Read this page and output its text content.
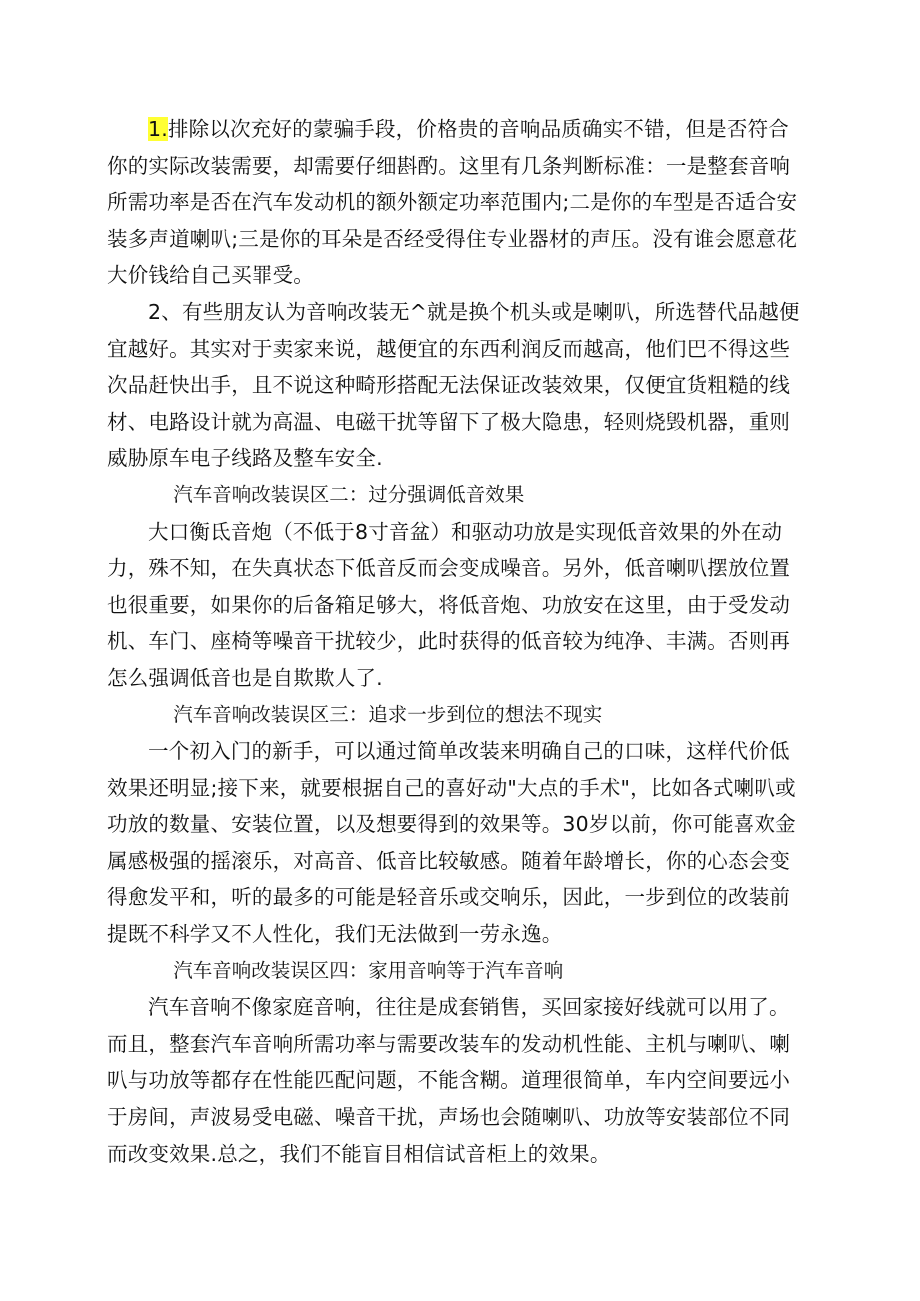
1.排除以次充好的蒙骗手段，价格贵的音响品质确实不错，但是否符合你的实际改装需要，却需要仔细斟酌。这里有几条判断标准：一是整套音响所需功率是否在汽车发动机的额外额定功率范围内;二是你的车型是否适合安装多声道喇叭;三是你的耳朵是否经受得住专业器材的声压。没有谁会愿意花大价钱给自己买罪受。

2、有些朋友认为音响改装无^就是换个机头或是喇叭，所选替代品越便宜越好。其实对于卖家来说，越便宜的东西利润反而越高，他们巴不得这些次品赶快出手，且不说这种畸形搭配无法保证改装效果，仅便宜货粗糙的线材、电路设计就为高温、电磁干扰等留下了极大隐患，轻则烧毁机器，重则威胁原车电子线路及整车安全.

汽车音响改装误区二：过分强调低音效果

大口衡氐音炮（不低于8寸音盆）和驱动功放是实现低音效果的外在动力，殊不知，在失真状态下低音反而会变成噪音。另外，低音喇叭摆放位置也很重要，如果你的后备箱足够大，将低音炮、功放安在这里，由于受发动机、车门、座椅等噪音干扰较少，此时获得的低音较为纯净、丰满。否则再怎么强调低音也是自欺欺人了.

汽车音响改装误区三：追求一步到位的想法不现实

一个初入门的新手，可以通过简单改装来明确自己的口味，这样代价低效果还明显;接下来，就要根据自己的喜好动"大点的手术"，比如各式喇叭或功放的数量、安装位置，以及想要得到的效果等。30岁以前，你可能喜欢金属感极强的摇滚乐，对高音、低音比较敏感。随着年龄增长，你的心态会变得愈发平和，听的最多的可能是轻音乐或交响乐，因此，一步到位的改装前提既不科学又不人性化，我们无法做到一劳永逸。

汽车音响改装误区四：家用音响等于汽车音响

汽车音响不像家庭音响，往往是成套销售，买回家接好线就可以用了。而且，整套汽车音响所需功率与需要改装车的发动机性能、主机与喇叭、喇叭与功放等都存在性能匹配问题，不能含糊。道理很简单，车内空间要远小于房间，声波易受电磁、噪音干扰，声场也会随喇叭、功放等安装部位不同而改变效果.总之，我们不能盲目相信试音柜上的效果。
